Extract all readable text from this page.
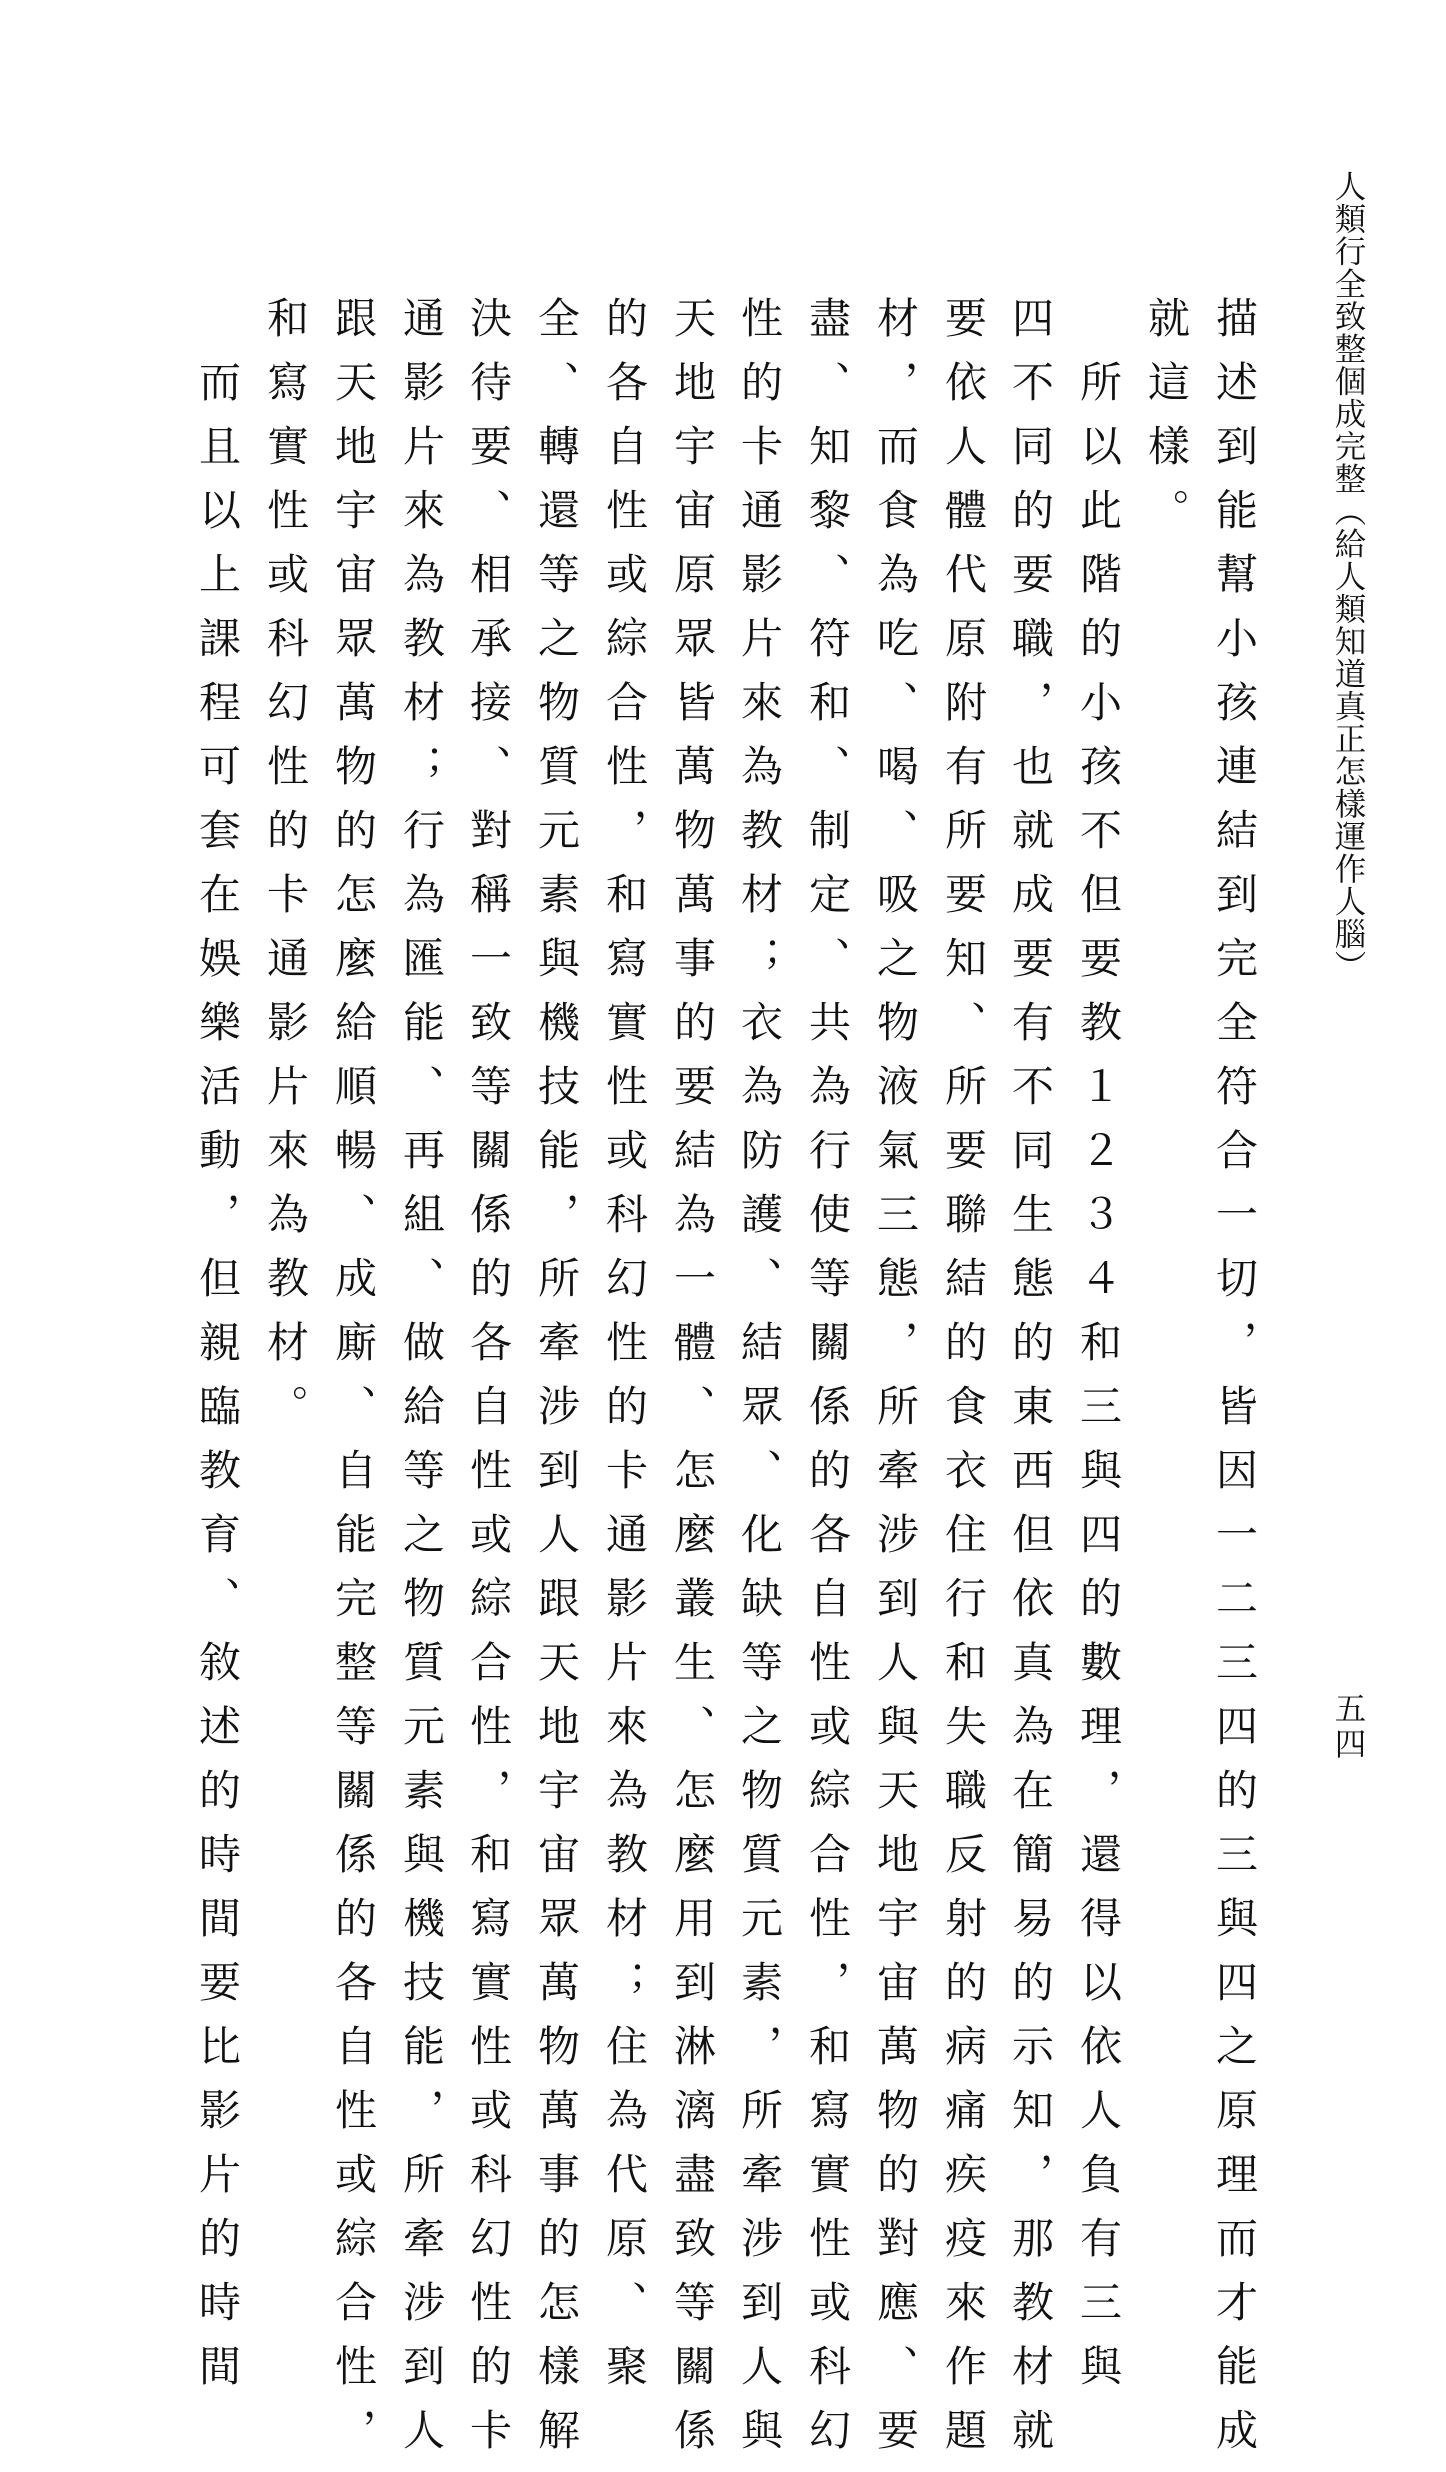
人類行全致整個成完整（給人類知道真正怎樣運作人腦）
五四

描述到能幫小孩連結到完全符合一切，皆因一二三四的三與四之原理而才能成

就這樣。

　所以此階的小孩不但要教１２３４和三與四的數理，還得以依人負有三與

四不同的要職，也就成要有不同生態的東西但依真為在簡易的示知，那教材就

要依人體代原附有所要知、所要聯結的食衣住行和失職反射的病痛疾疫來作題

材，而食為吃、喝、吸之物液氣三態，所牽涉到人與天地宇宙萬物的對應、要

盡、知黎、符和、制定、共為行使等關係的各自性或綜合性，和寫實性或科幻

性的卡通影片來為教材；衣為防護、結眾、化缺等之物質元素，所牽涉到人與

天地宇宙原眾皆萬物萬事的要結為一體、怎麼叢生、怎麼用到淋漓盡致等關係

的各自性或綜合性，和寫實性或科幻性的卡通影片來為教材；住為代原、聚

全、轉還等之物質元素與機技能，所牽涉到人跟天地宇宙眾萬物萬事的怎樣解

決待要、相承接、對稱一致等關係的各自性或綜合性，和寫實性或科幻性的卡

通影片來為教材；行為匯能、再組、做給等之物質元素與機技能，所牽涉到人

跟天地宇宙眾萬物的怎麼給順暢、成廝、自能完整等關係的各自性或綜合性，

和寫實性或科幻性的卡通影片來為教材。

　而且以上課程可套在娛樂活動，但親臨教育、敘述的時間要比影片的時間
